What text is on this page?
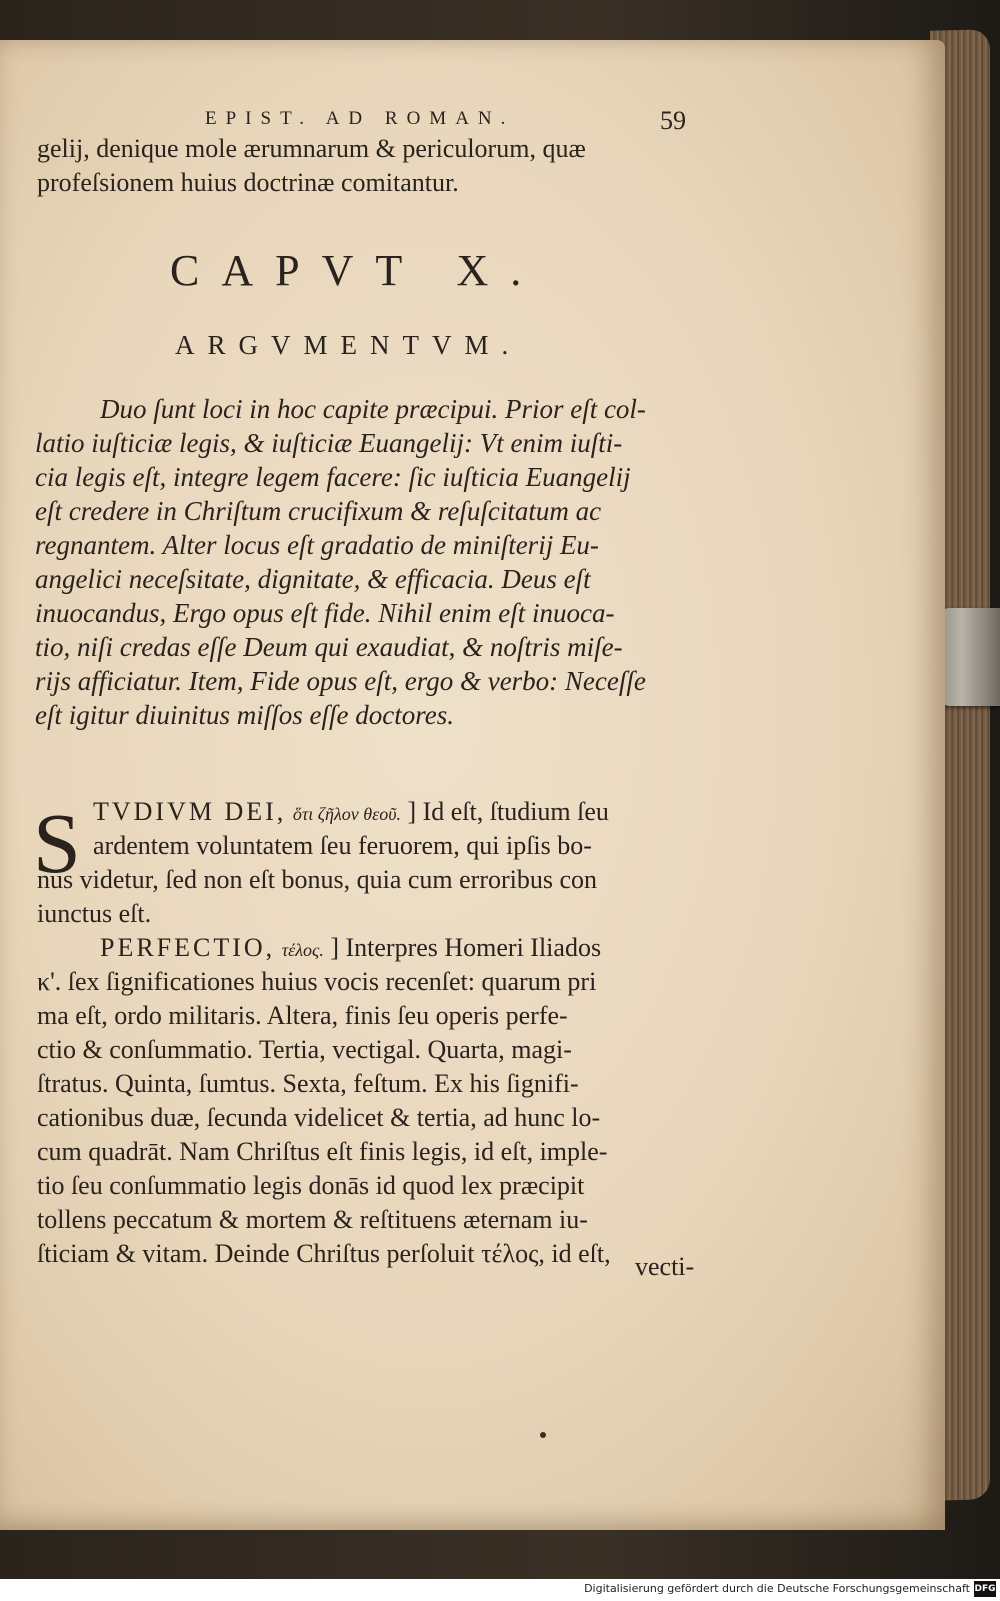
EPIST. AD ROMAN.	59
gelij, denique mole ærumnarum & periculorum, quæ
profeſsionem huius doctrinæ comitantur.
CAPVT X.
ARGVMENTVM.
Duo ſunt loci in hoc capite præcipui. Prior eſt col-
latio iuſticiæ legis, & iuſticiæ Euangelij: Vt enim iuſti-
cia legis eſt, integre legem facere: ſic iuſticia Euangelij
eſt credere in Chriſtum crucifixum & reſuſcitatum ac
regnantem. Alter locus eſt gradatio de miniſterij Eu-
angelici neceſsitate, dignitate, & efficacia. Deus eſt
inuocandus, Ergo opus eſt fide. Nihil enim eſt inuoca-
tio, niſi credas eſſe Deum qui exaudiat, & noſtris miſe-
rijs afficiatur. Item, Fide opus eſt, ergo & verbo: Neceſſe
eſt igitur diuinitus miſſos eſſe doctores.
S TVDIVM DEI, ὅτι ζῆλον θεοῦ. ] Id eſt, ſtudium ſeu
ardentem voluntatem ſeu feruorem, qui ipſis bo-
nus videtur, ſed non eſt bonus, quia cum erroribus con
iunctus eſt.
PERFECTIO, τέλος. ] Interpres Homeri Iliados
κ'. ſex ſignificationes huius vocis recenſet: quarum pri
ma eſt, ordo militaris. Altera, finis ſeu operis perfe-
ctio & conſummatio. Tertia, vectigal. Quarta, magi-
ſtratus. Quinta, ſumtus. Sexta, feſtum. Ex his ſignifi-
cationibus duæ, ſecunda videlicet & tertia, ad hunc lo-
cum quadrāt. Nam Chriſtus eſt finis legis, id eſt, imple-
tio ſeu conſummatio legis donās id quod lex præcipit
tollens peccatum & mortem & reſtituens æternam iu-
ſticiam & vitam. Deinde Chriſtus perſoluit τέλος, id eſt, vecti-
Digitalisierung gefördert durch die Deutsche Forschungsgemeinschaft DFG
